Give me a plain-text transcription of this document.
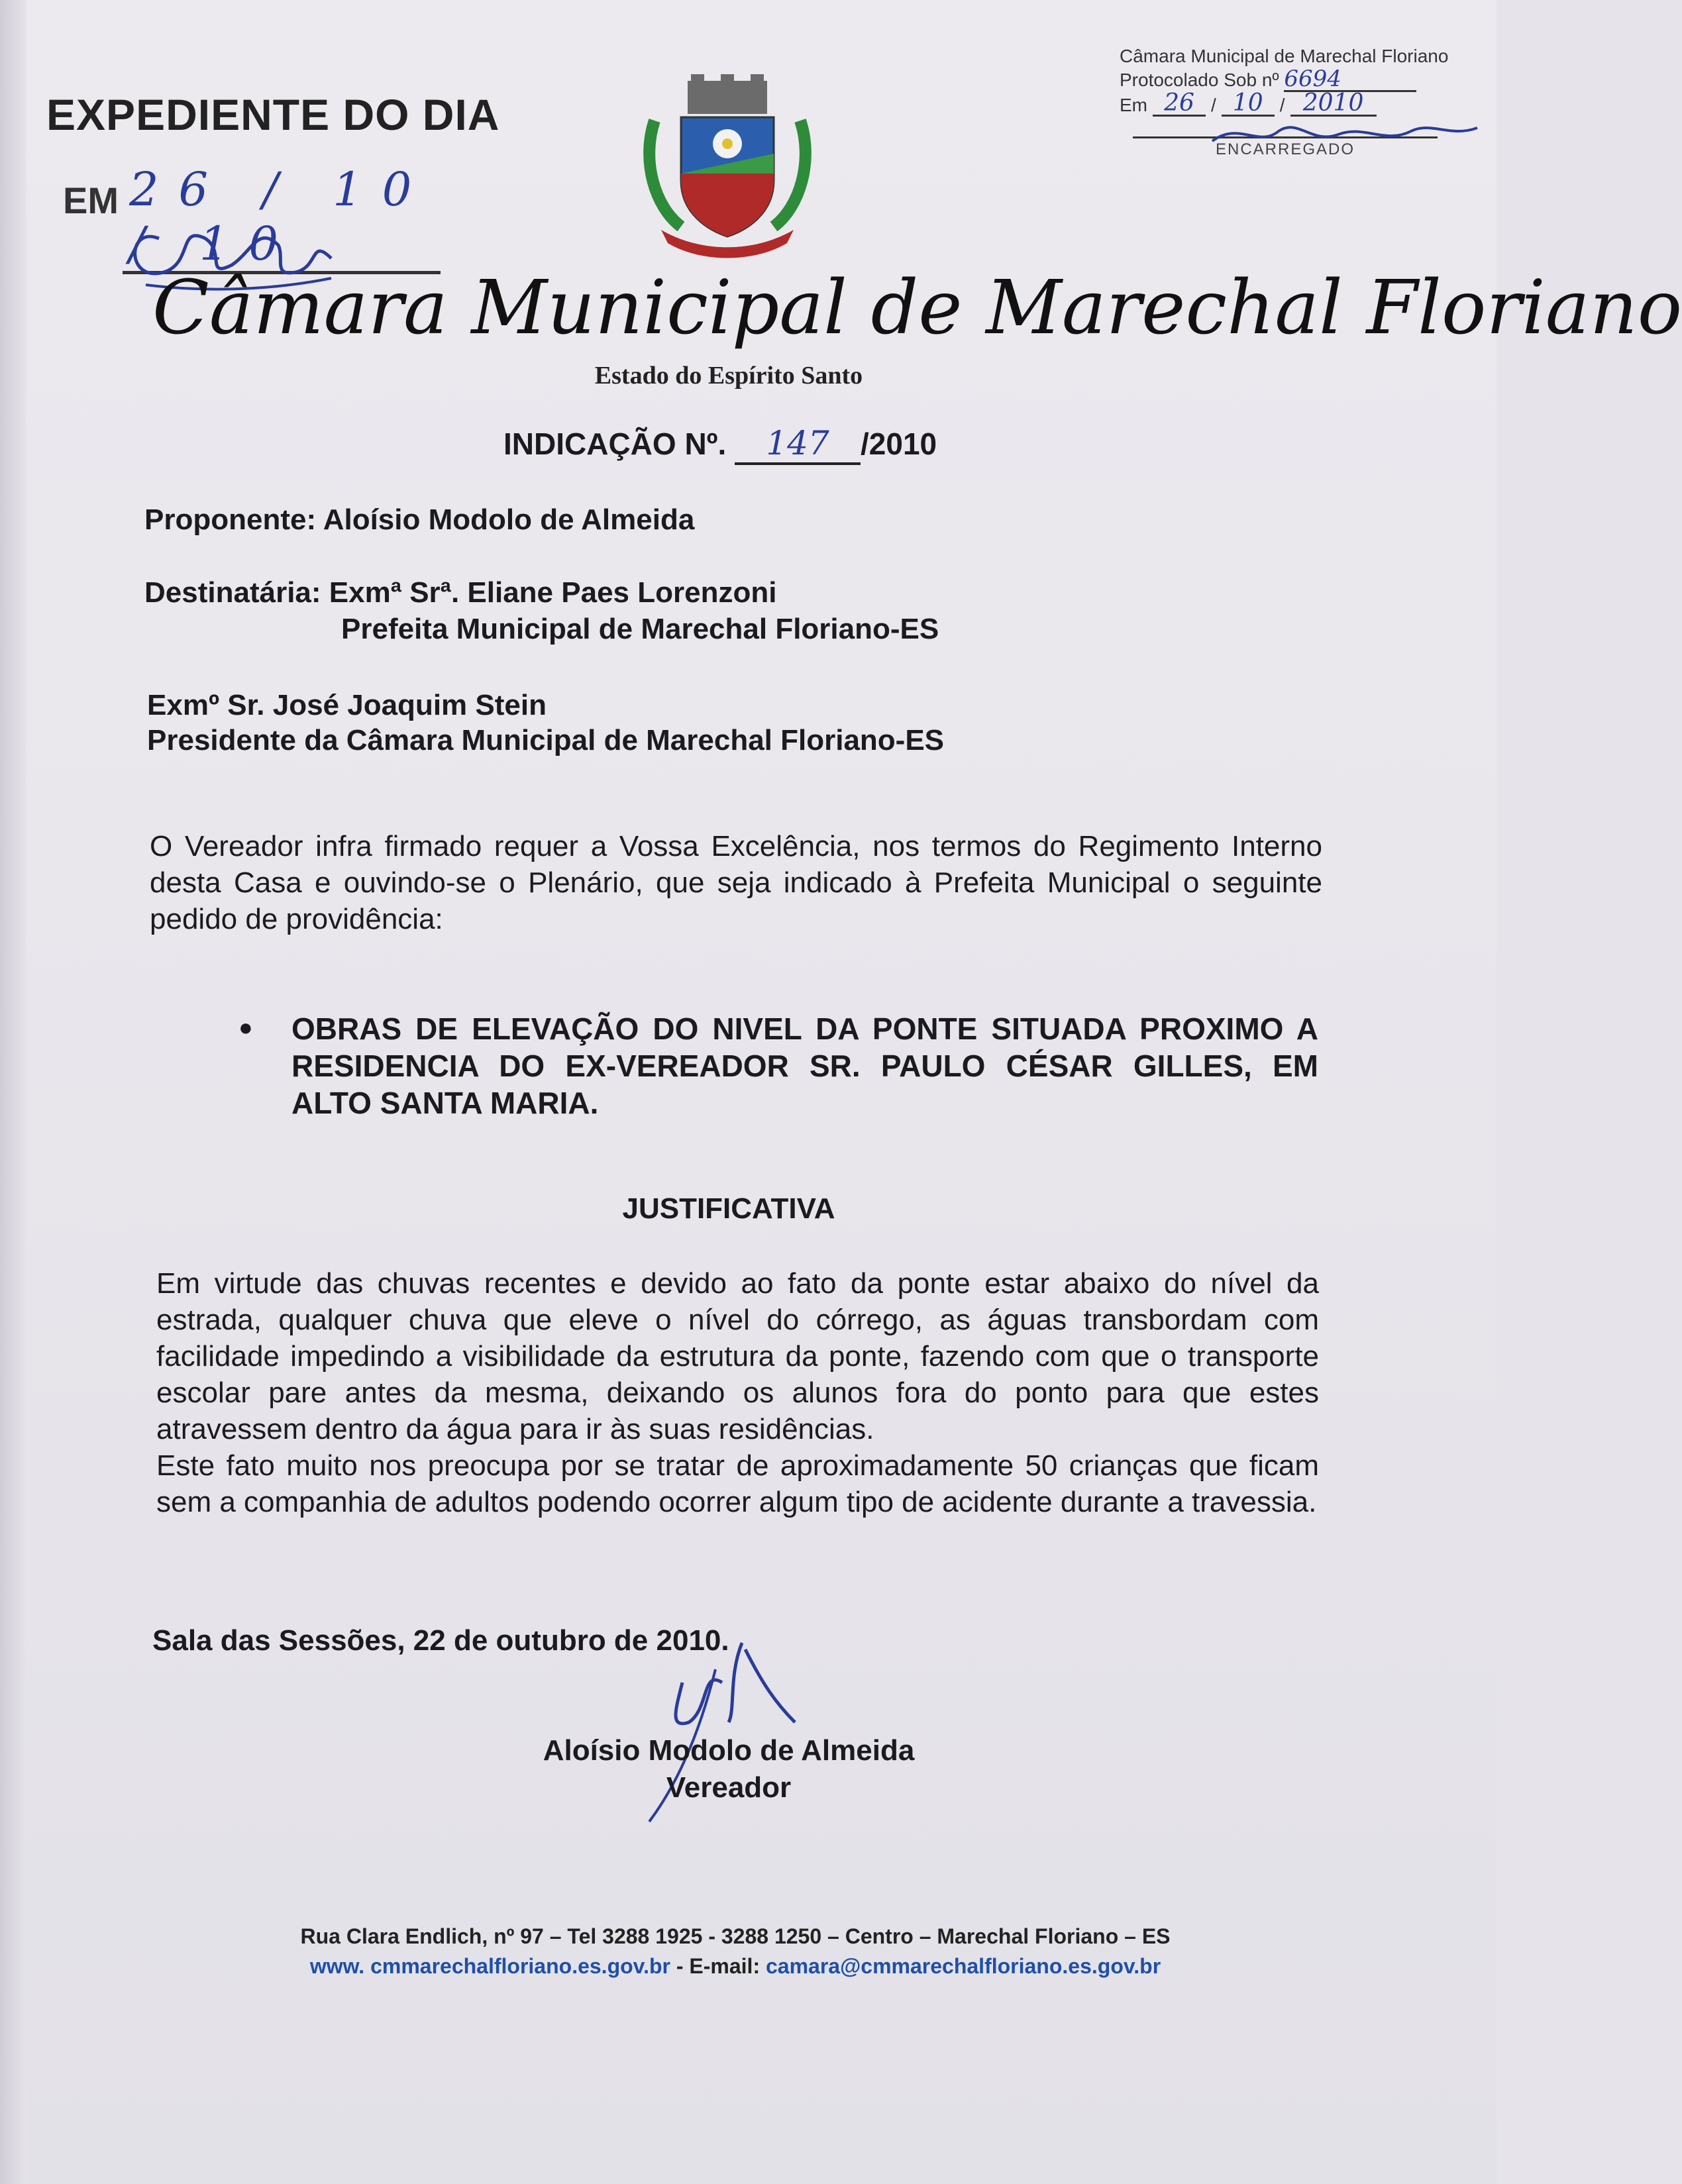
EXPEDIENTE DO DIA
EM 26 / 10 / 10
Câmara Municipal de Marechal Floriano
Protocolado Sob nº 6694
Em 26 / 10 / 2010
ENCARREGADO
Câmara Municipal de Marechal Floriano
Estado do Espírito Santo
INDICAÇÃO Nº. 147 /2010
Proponente: Aloísio Modolo de Almeida
Destinatária: Exmª Srª. Eliane Paes Lorenzoni
Prefeita Municipal de Marechal Floriano-ES
Exmº Sr. José Joaquim Stein
Presidente da Câmara Municipal de Marechal Floriano-ES
O Vereador infra firmado requer a Vossa Excelência, nos termos do Regimento Interno desta Casa e ouvindo-se o Plenário, que seja indicado à Prefeita Municipal o seguinte pedido de providência:
● OBRAS DE ELEVAÇÃO DO NIVEL DA PONTE SITUADA PROXIMO A RESIDENCIA DO EX-VEREADOR SR. PAULO CÉSAR GILLES, EM ALTO SANTA MARIA.
JUSTIFICATIVA
Em virtude das chuvas recentes e devido ao fato da ponte estar abaixo do nível da estrada, qualquer chuva que eleve o nível do córrego, as águas transbordam com facilidade impedindo a visibilidade da estrutura da ponte, fazendo com que o transporte escolar pare antes da mesma, deixando os alunos fora do ponto para que estes atravessem dentro da água para ir às suas residências.
Este fato muito nos preocupa por se tratar de aproximadamente 50 crianças que ficam sem a companhia de adultos podendo ocorrer algum tipo de acidente durante a travessia.
Sala das Sessões, 22 de outubro de 2010.
Aloísio Modolo de Almeida
Vereador
Rua Clara Endlich, nº 97 – Tel 3288 1925 - 3288 1250 – Centro – Marechal Floriano – ES
www. cmmarechalfloriano.es.gov.br - E-mail: camara@cmmarechalfloriano.es.gov.br
